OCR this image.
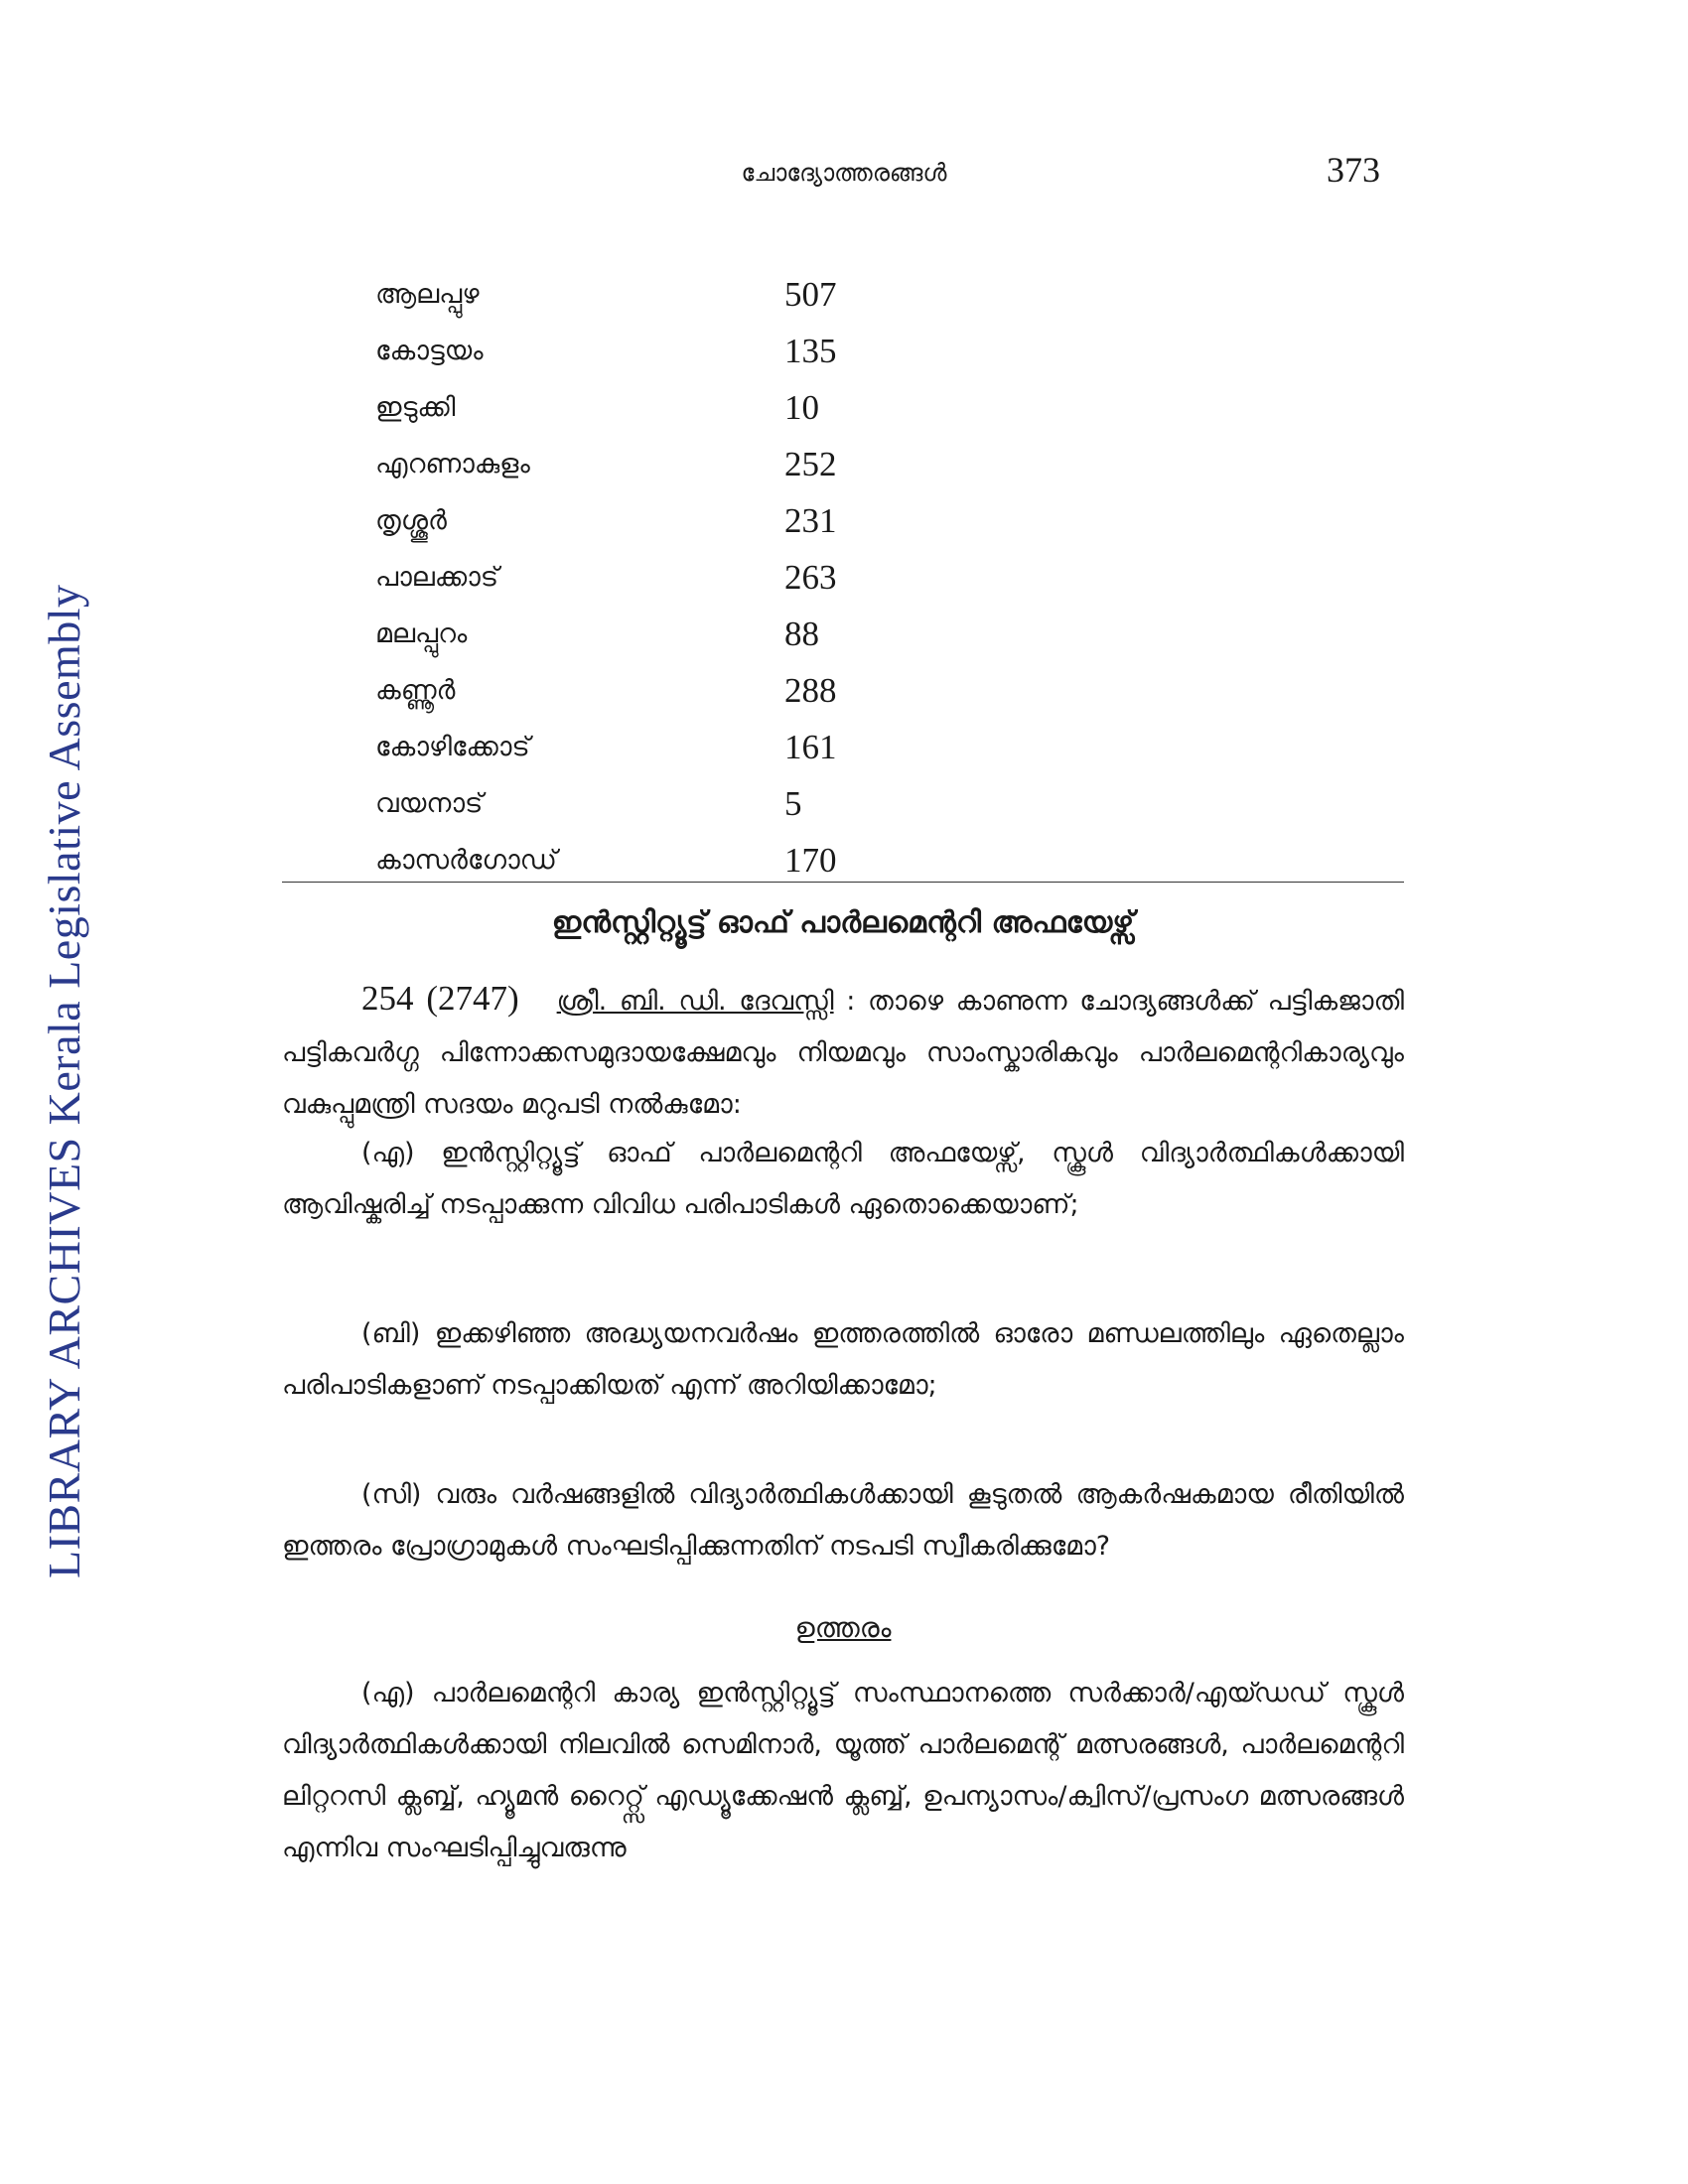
ചോദ്യോത്തരങ്ങൾ	373
LIBRARY ARCHIVES Kerala Legislative Assembly
ആലപ്പുഴ	507
കോട്ടയം	135
ഇടുക്കി	10
എറണാകുളം	252
തൃശ്ശൂർ	231
പാലക്കാട്	263
മലപ്പുറം	88
കണ്ണൂർ	288
കോഴിക്കോട്	161
വയനാട്	5
കാസർഗോഡ്	170
ഇൻസ്റ്റിറ്റ്യൂട്ട് ഓഫ് പാർലമെന്ററി അഫയേഴ്സ്

254 (2747) ശ്രീ. ബി. ഡി. ദേവസ്സി : താഴെ കാണുന്ന ചോദ്യങ്ങൾക്ക് പട്ടികജാതി പട്ടികവർഗ്ഗ പിന്നോക്കസമുദായക്ഷേമവും നിയമവും സാംസ്കാരികവും പാർലമെന്ററികാര്യവും വകുപ്പുമന്ത്രി സദയം മറുപടി നൽകുമോ:

(എ) ഇൻസ്റ്റിറ്റ്യൂട്ട് ഓഫ് പാർലമെന്ററി അഫയേഴ്സ്, സ്കൂൾ വിദ്യാർത്ഥികൾക്കായി ആവിഷ്കരിച്ച് നടപ്പാക്കുന്ന വിവിധ പരിപാടികൾ ഏതൊക്കെയാണ്;

(ബി) ഇക്കഴിഞ്ഞ അദ്ധ്യയനവർഷം ഇത്തരത്തിൽ ഓരോ മണ്ഡലത്തിലും ഏതെല്ലാം പരിപാടികളാണ് നടപ്പാക്കിയത് എന്ന് അറിയിക്കാമോ;

(സി) വരും വർഷങ്ങളിൽ വിദ്യാർത്ഥികൾക്കായി കൂടുതൽ ആകർഷകമായ രീതിയിൽ ഇത്തരം പ്രോഗ്രാമുകൾ സംഘടിപ്പിക്കുന്നതിന് നടപടി സ്വീകരിക്കുമോ?

ഉത്തരം

(എ) പാർലമെന്ററി കാര്യ ഇൻസ്റ്റിറ്റ്യൂട്ട് സംസ്ഥാനത്തെ സർക്കാർ/എയ്ഡഡ് സ്കൂൾ വിദ്യാർത്ഥികൾക്കായി നിലവിൽ സെമിനാർ, യൂത്ത് പാർലമെന്റ് മത്സരങ്ങൾ, പാർലമെന്ററി ലിറ്ററസി ക്ലബ്ബ്, ഹ്യൂമൻ റൈറ്റ്സ് എഡ്യൂക്കേഷൻ ക്ലബ്ബ്, ഉപന്യാസം/ക്വിസ്/പ്രസംഗ മത്സരങ്ങൾ എന്നിവ സംഘടിപ്പിച്ചുവരുന്നു
